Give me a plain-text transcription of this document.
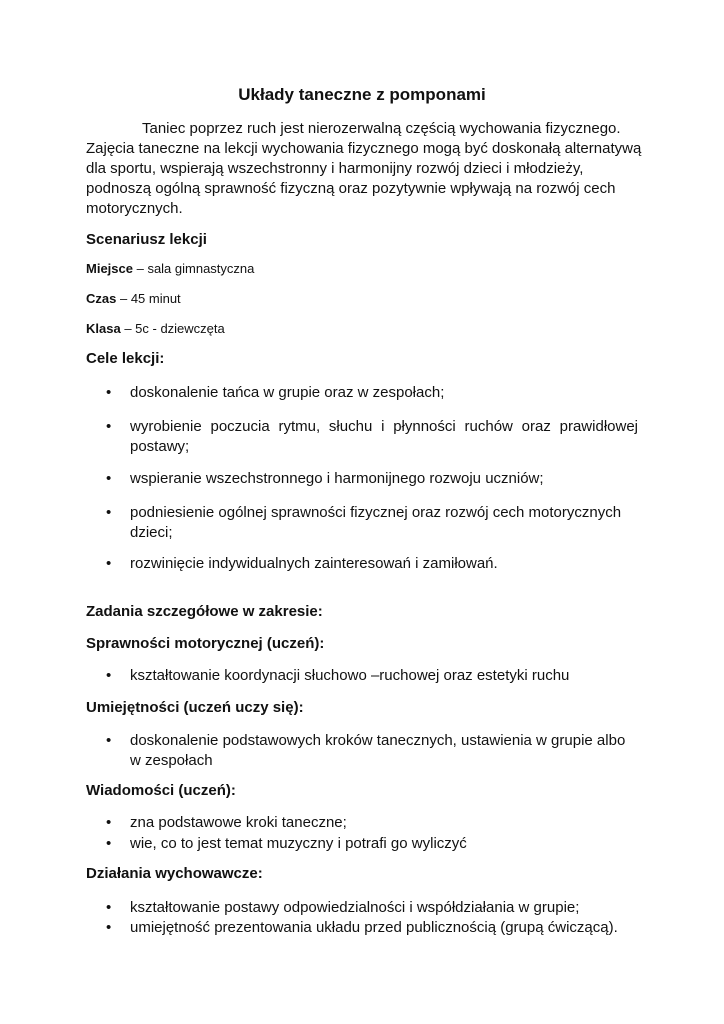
Układy taneczne z pomponami
Taniec poprzez ruch jest nierozerwalną częścią wychowania fizycznego. Zajęcia taneczne na lekcji wychowania fizycznego mogą być doskonałą alternatywą dla sportu, wspierają wszechstronny i harmonijny rozwój dzieci i młodzieży, podnoszą ogólną sprawność fizyczną oraz pozytywnie wpływają na rozwój cech motorycznych.
Scenariusz lekcji
Miejsce – sala gimnastyczna
Czas – 45 minut
Klasa – 5c - dziewczęta
Cele lekcji:
•	doskonalenie tańca w grupie oraz w zespołach;
•	wyrobienie poczucia rytmu, słuchu i płynności ruchów oraz prawidłowej postawy;
•	wspieranie wszechstronnego i harmonijnego rozwoju uczniów;
•	podniesienie ogólnej sprawności fizycznej oraz rozwój cech motorycznych dzieci;
•	rozwinięcie indywidualnych zainteresowań i zamiłowań.
Zadania szczegółowe w zakresie:
Sprawności motorycznej (uczeń):
•	kształtowanie koordynacji słuchowo –ruchowej oraz estetyki ruchu
Umiejętności (uczeń uczy się):
•	doskonalenie podstawowych kroków tanecznych, ustawienia w grupie albo w zespołach
Wiadomości (uczeń):
•	zna podstawowe kroki taneczne;
•	wie, co to jest temat muzyczny i potrafi go wyliczyć
Działania wychowawcze:
•	kształtowanie postawy odpowiedzialności i współdziałania w grupie;
•	umiejętność prezentowania układu przed publicznością (grupą ćwiczącą).
